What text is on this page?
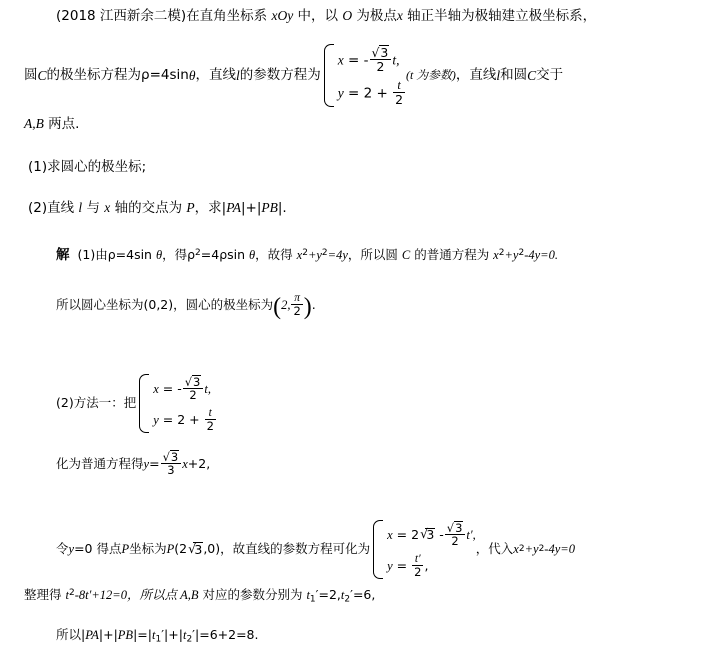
(2018 江西新余二模)在直角坐标系 xOy 中，以 O 为极点x 轴正半轴为极轴建立极坐标系，
圆C的极坐标方程为ρ=4sinθ，直线l的参数方程为
x = - $\frac{√3}{2} t$,
$y = 2 + \frac{t}{2}$
(t 为参数)，直线l和圆C交于
A,B 两点.
(1)求圆心的极坐标;
(2)直线 l 与 x 轴的交点为 P，求|PA|+|PB|.
解 (1)由ρ=4sin θ，得$\rho^2=4\rho\sin$ θ，故得 $x^2+y^2=4y$，所以圆 C 的普通方程为 $x^2+y^2-4y=0$.
所以圆心坐标为(0,2)，圆心的极坐标为(2, $\frac{\pi}{2}$ ).
(2)方法一：把
x = - $\frac{√3}{2} t$,
$y = 2 + \frac{t}{2}$
化为普通方程得$y= \frac{√3}{3} x+2$,
令y=0 得点P坐标为P(2 √ 3,0)，故直线的参数方程可化为
x = 2 √ $3 - \frac{√3}{2} t'$,
$y = \frac{t'}{2}$ ,
，代入x2+y2-4y=0
整理得 $t^2-8t'+12=0$，所以点 A,B 对应的参数分别为 $t_1'=2,t_2'=6$,
所以$|PA|+|PB|=|t_1'|+|t_2'|=6+2=8$.
